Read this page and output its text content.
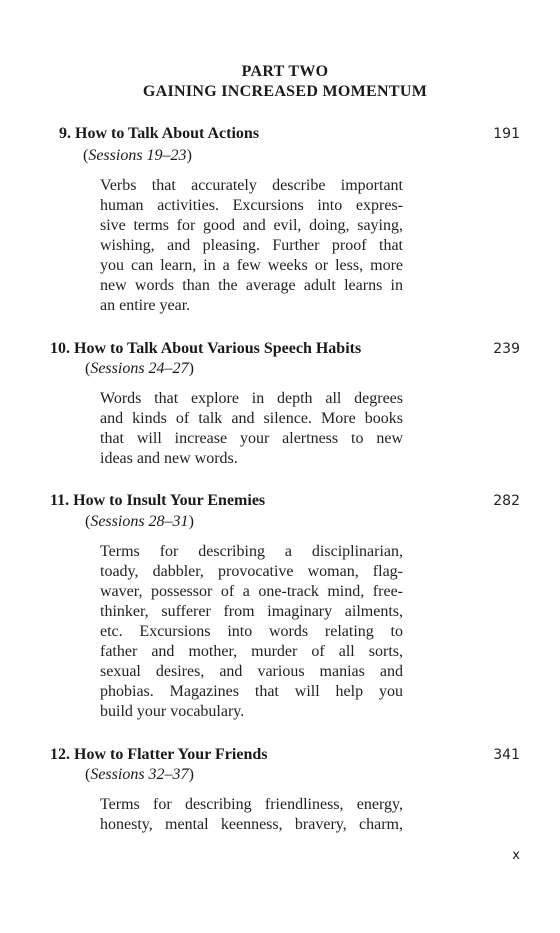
PART TWO
GAINING INCREASED MOMENTUM
9. How to Talk About Actions	191
(Sessions 19–23)
Verbs that accurately describe important
human activities. Excursions into expres-
sive terms for good and evil, doing, saying,
wishing, and pleasing. Further proof that
you can learn, in a few weeks or less, more
new words than the average adult learns in
an entire year.
10. How to Talk About Various Speech Habits	239
(Sessions 24–27)
Words that explore in depth all degrees
and kinds of talk and silence. More books
that will increase your alertness to new
ideas and new words.
11. How to Insult Your Enemies	282
(Sessions 28–31)
Terms for describing a disciplinarian,
toady, dabbler, provocative woman, flag-
waver, possessor of a one-track mind, free-
thinker, sufferer from imaginary ailments,
etc. Excursions into words relating to
father and mother, murder of all sorts,
sexual desires, and various manias and
phobias. Magazines that will help you
build your vocabulary.
12. How to Flatter Your Friends	341
(Sessions 32–37)
Terms for describing friendliness, energy,
honesty, mental keenness, bravery, charm,
x
